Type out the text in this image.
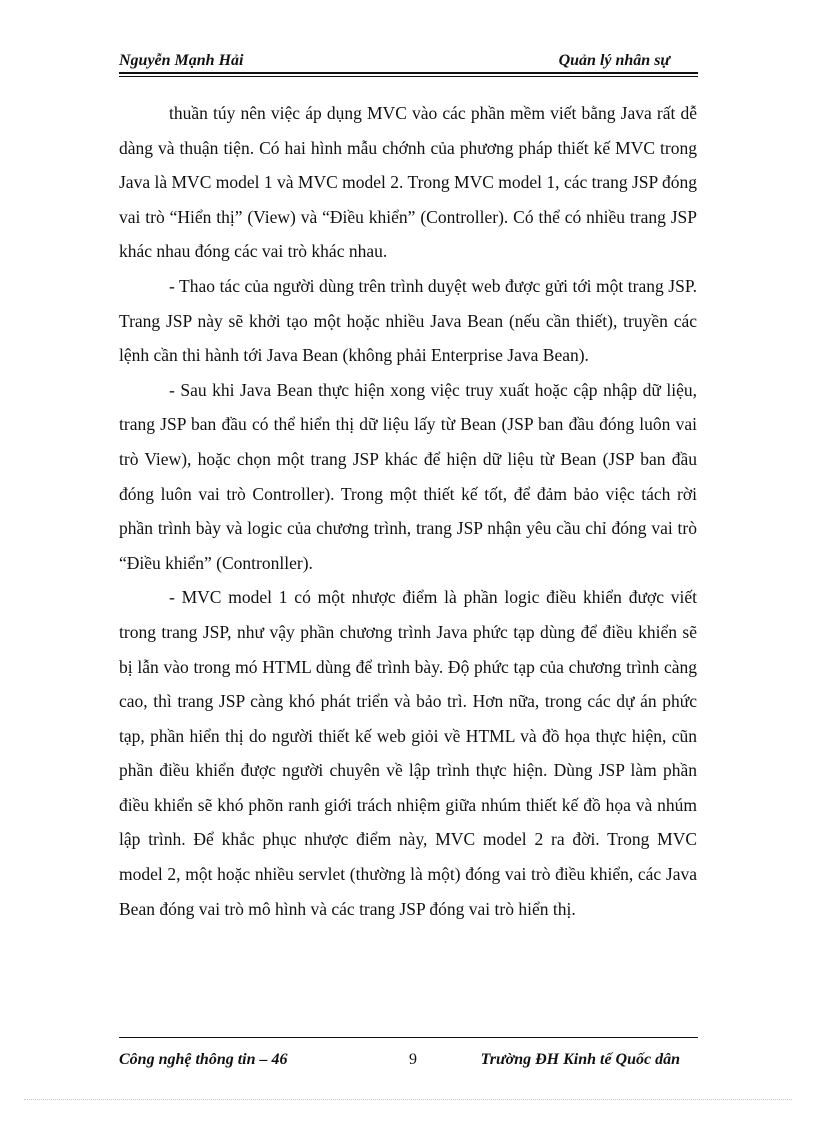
Nguyễn Mạnh Hải	Quản lý nhân sự

thuần túy nên việc áp dụng MVC vào các phần mềm viết bằng Java rất dễ dàng và thuận tiện. Có hai hình mẫu chớnh của phương pháp thiết kế MVC trong Java là MVC model 1 và MVC model 2. Trong MVC model 1, các trang JSP đóng vai trò “Hiển thị” (View) và “Điều khiển” (Controller). Có thể có nhiều trang JSP khác nhau đóng các vai trò khác nhau.

- Thao tác của người dùng trên trình duyệt web được gửi tới một trang JSP. Trang JSP này sẽ khởi tạo một hoặc nhiều Java Bean (nếu cần thiết), truyền các lệnh cần thi hành tới Java Bean (không phải Enterprise Java Bean).

- Sau khi Java Bean thực hiện xong việc truy xuất hoặc cập nhập dữ liệu, trang JSP ban đầu có thể hiển thị dữ liệu lấy từ Bean (JSP ban đầu đóng luôn vai trò View), hoặc chọn một trang JSP khác để hiện dữ liệu từ Bean (JSP ban đầu đóng luôn vai trò Controller). Trong một thiết kế tốt, để đảm bảo việc tách rời phần trình bày và logic của chương trình, trang JSP nhận yêu cầu chỉ đóng vai trò “Điều khiển” (Contronller).

- MVC model 1 có một nhược điểm là phần logic điều khiển được viết trong trang JSP, như vậy phần chương trình Java phức tạp dùng để điều khiển sẽ bị lẫn vào trong mó HTML dùng để trình bày. Độ phức tạp của chương trình càng cao, thì trang JSP càng khó phát triển và bảo trì. Hơn nữa, trong các dự án phức tạp, phần hiển thị do người thiết kế web giỏi về HTML và đồ họa thực hiện, cũn phần điều khiển được người chuyên về lập trình thực hiện. Dùng JSP làm phần điều khiển sẽ khó phõn ranh giới trách nhiệm giữa nhúm thiết kế đồ họa và nhúm lập trình. Để khắc phục nhược điểm này, MVC model 2 ra đời. Trong MVC model 2, một hoặc nhiều servlet (thường là một) đóng vai trò điều khiển, các Java Bean đóng vai trò mô hình và các trang JSP đóng vai trò hiển thị.

Công nghệ thông tin – 46	9	Trường ĐH Kinh tế Quốc dân
